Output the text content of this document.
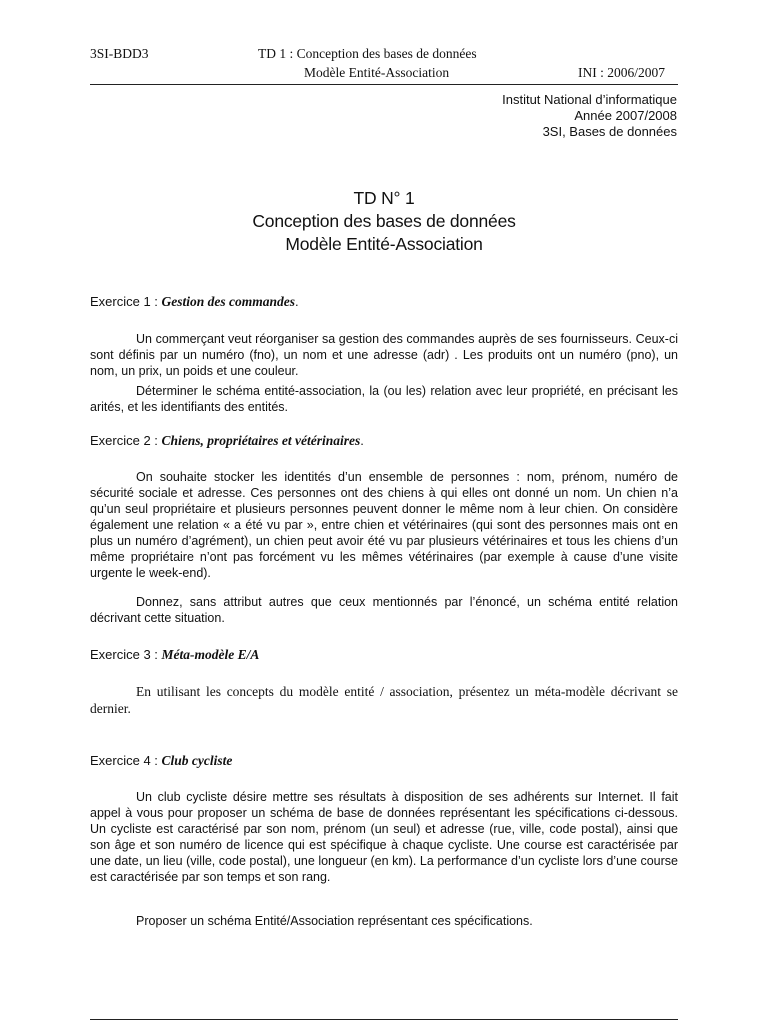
3SI-BDD3	TD 1 : Conception des bases de données
Modèle Entité-Association	INI : 2006/2007
Institut National d’informatique
Année 2007/2008
3SI, Bases de données
TD N° 1
Conception des bases de données
Modèle Entité-Association
Exercice 1 : Gestion des commandes.
Un commerçant veut réorganiser sa gestion des commandes auprès de ses fournisseurs. Ceux-ci sont définis par un numéro (fno), un nom et une adresse (adr) . Les produits ont un numéro (pno), un nom, un prix, un poids et une couleur.
Déterminer le schéma entité-association, la (ou les) relation avec leur propriété, en précisant les arités, et les identifiants des entités.
Exercice 2 : Chiens, propriétaires et vétérinaires.
On souhaite stocker les identités d’un ensemble de personnes : nom, prénom, numéro de sécurité sociale et adresse. Ces personnes ont des chiens à qui elles ont donné un nom. Un chien n’a qu’un seul propriétaire et plusieurs personnes peuvent donner le même nom à leur chien. On considère également une relation « a été vu par », entre chien et vétérinaires (qui sont des personnes mais ont en plus un numéro d’agrément), un chien peut avoir été vu par plusieurs vétérinaires et tous les chiens d’un même propriétaire n’ont pas forcément vu les mêmes vétérinaires (par exemple à cause d’une visite urgente le week-end).
Donnez, sans attribut autres que ceux mentionnés par l’énoncé, un schéma entité relation décrivant cette situation.
Exercice 3 : Méta-modèle E/A
En utilisant les concepts du modèle entité / association, présentez un méta-modèle décrivant se dernier.
Exercice 4 : Club cycliste
Un club cycliste désire mettre ses résultats à disposition de ses adhérents sur Internet. Il fait appel à vous pour proposer un schéma de base de données représentant les spécifications ci-dessous. Un cycliste est caractérisé par son nom, prénom (un seul) et adresse (rue, ville, code postal), ainsi que son âge et son numéro de licence qui est spécifique à chaque cycliste. Une course est caractérisée par une date, un lieu (ville, code postal), une longueur (en km). La performance d’un cycliste lors d’une course est caractérisée par son temps et son rang.
Proposer un schéma Entité/Association représentant ces spécifications.
